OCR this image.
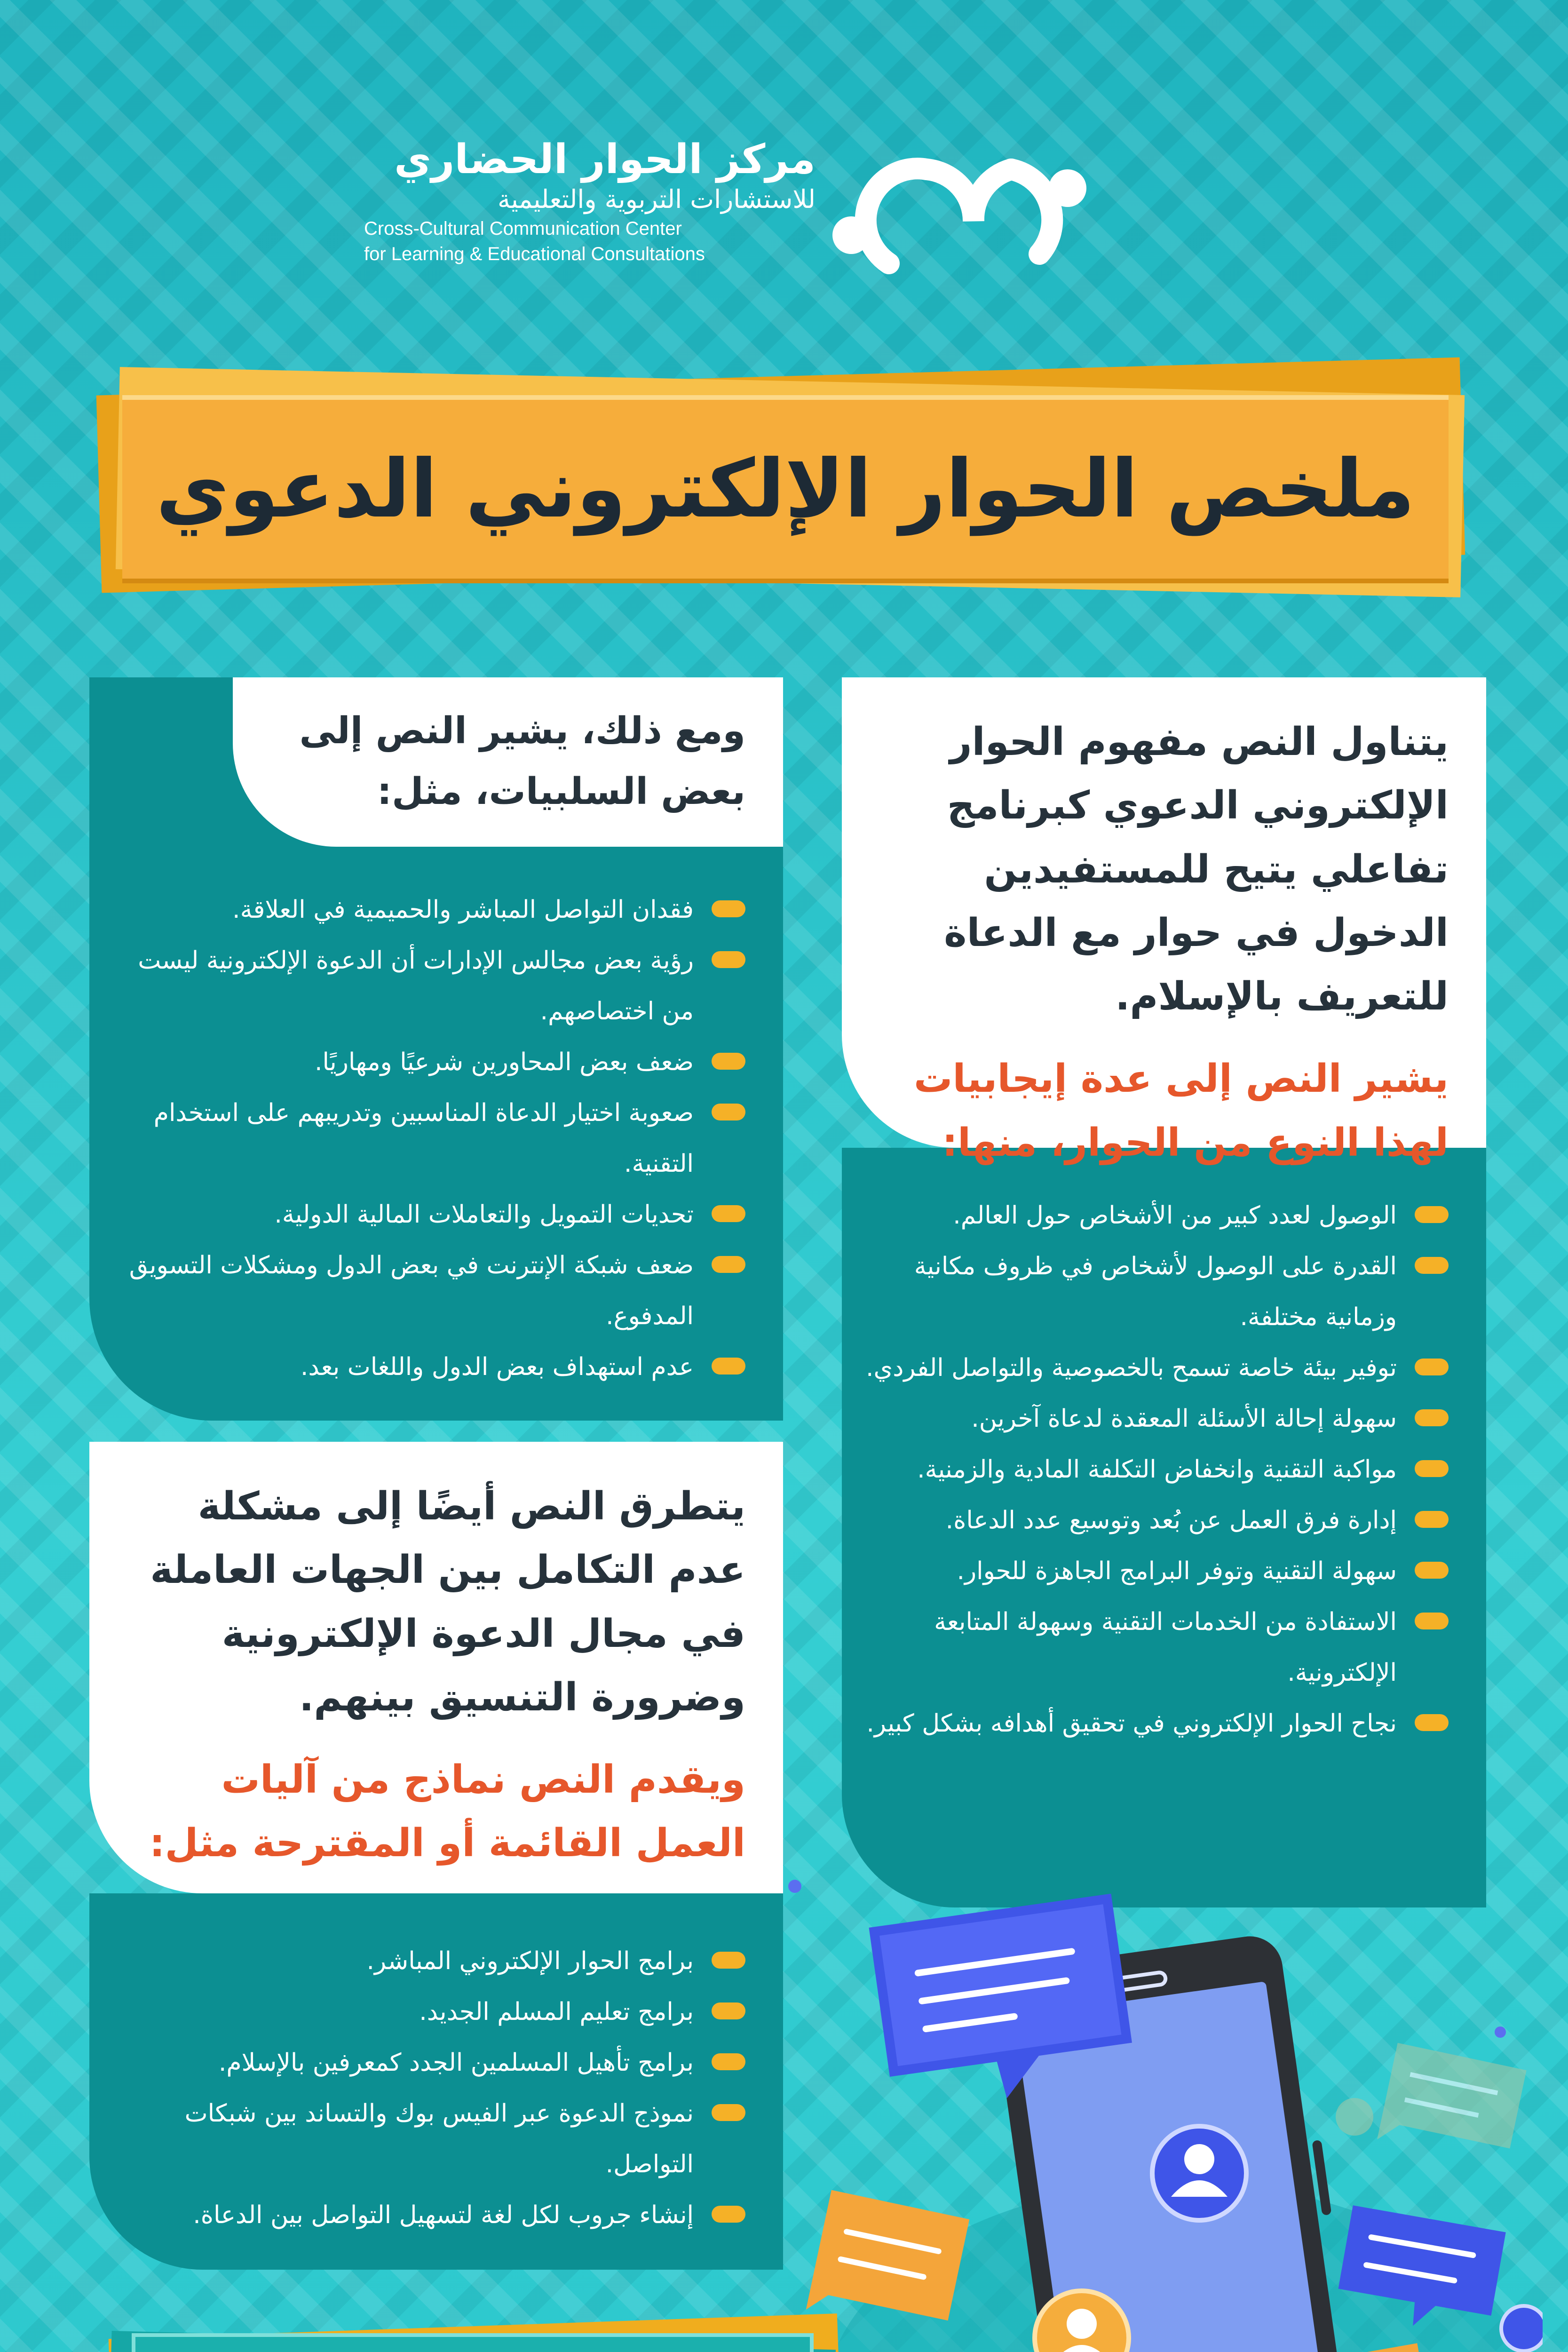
مركز الحوار الحضاري
للاستشارات التربوية والتعليمية
Cross-Cultural Communication Center
for Learning & Educational Consultations
ملخص الحوار الإلكتروني الدعوي
الوصول لعدد كبير من الأشخاص حول العالم.
القدرة على الوصول لأشخاص في ظروف مكانية وزمانية مختلفة.
توفير بيئة خاصة تسمح بالخصوصية والتواصل الفردي.
سهولة إحالة الأسئلة المعقدة لدعاة آخرين.
مواكبة التقنية وانخفاض التكلفة المادية والزمنية.
إدارة فرق العمل عن بُعد وتوسيع عدد الدعاة.
سهولة التقنية وتوفر البرامج الجاهزة للحوار.
الاستفادة من الخدمات التقنية وسهولة المتابعة الإلكترونية.
نجاح الحوار الإلكتروني في تحقيق أهدافه بشكل كبير.
يتناول النص مفهوم الحوار الإلكتروني الدعوي كبرنامج تفاعلي يتيح للمستفيدين الدخول في حوار مع الدعاة للتعريف بالإسلام.
يشير النص إلى عدة إيجابيات لهذا النوع من الحوار، منها:
فقدان التواصل المباشر والحميمية في العلاقة.
رؤية بعض مجالس الإدارات أن الدعوة الإلكترونية ليست من اختصاصهم.
ضعف بعض المحاورين شرعيًا ومهاريًا.
صعوبة اختيار الدعاة المناسبين وتدريبهم على استخدام التقنية.
تحديات التمويل والتعاملات المالية الدولية.
ضعف شبكة الإنترنت في بعض الدول ومشكلات التسويق المدفوع.
عدم استهداف بعض الدول واللغات بعد.
ومع ذلك، يشير النص إلى بعض السلبيات، مثل:
يتطرق النص أيضًا إلى مشكلة عدم التكامل بين الجهات العاملة في مجال الدعوة الإلكترونية وضرورة التنسيق بينهم.
ويقدم النص نماذج من آليات العمل القائمة أو المقترحة مثل:
برامج الحوار الإلكتروني المباشر.
برامج تعليم المسلم الجديد.
برامج تأهيل المسلمين الجدد كمعرفين بالإسلام.
نموذج الدعوة عبر الفيس بوك والتساند بين شبكات التواصل.
إنشاء جروب لكل لغة لتسهيل التواصل بين الدعاة.
